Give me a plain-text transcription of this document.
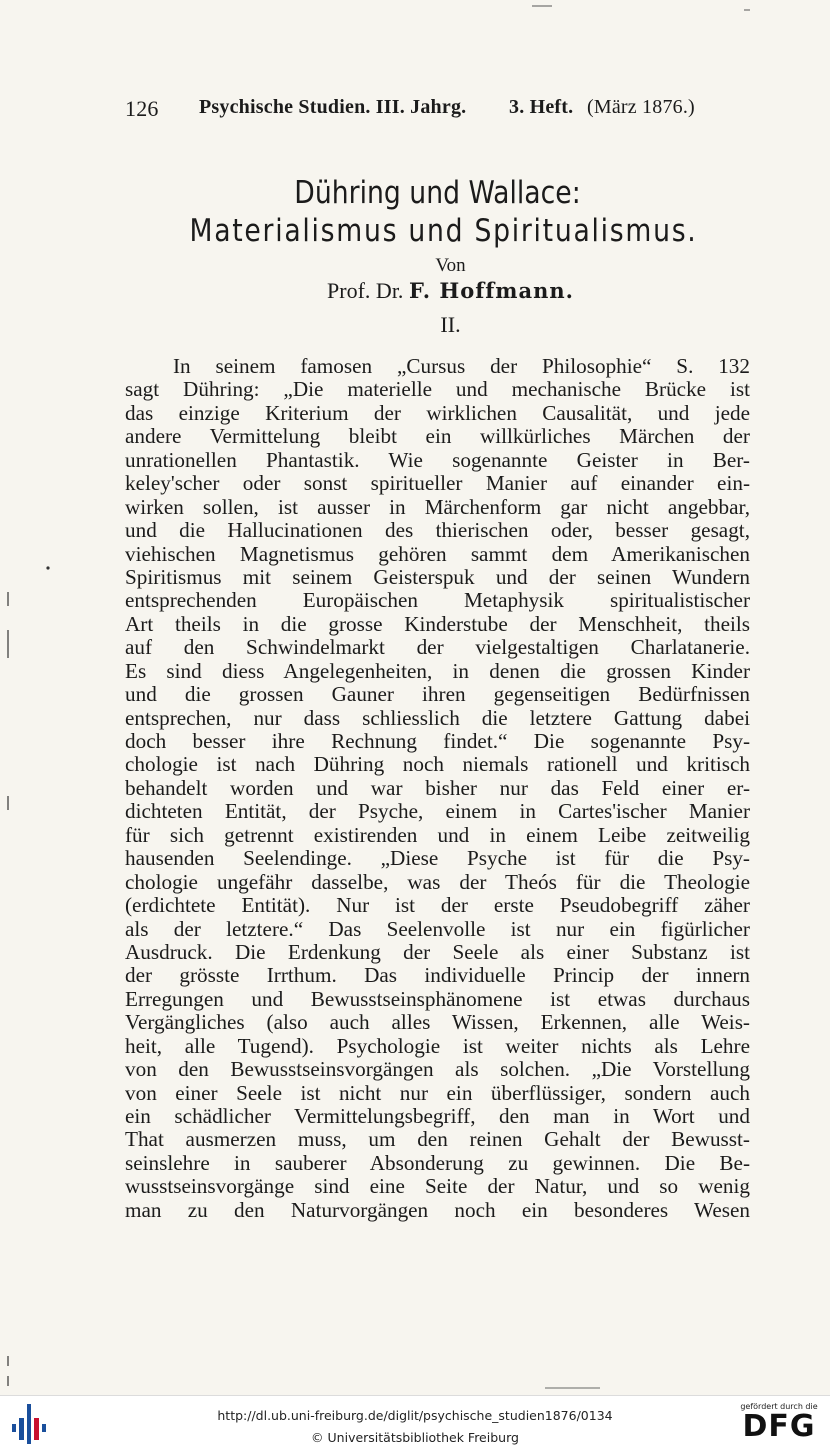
126 Psychische Studien. III. Jahrg. 3. Heft. (März 1876.)
Dühring und Wallace:
Materialismus und Spiritualismus.
Von
Prof. Dr. F. Hoffmann.
II.
In seinem famosen „Cursus der Philosophie“ S. 132
sagt Dühring: „Die materielle und mechanische Brücke ist
das einzige Kriterium der wirklichen Causalität, und jede
andere Vermittelung bleibt ein willkürliches Märchen der
unrationellen Phantastik. Wie sogenannte Geister in Ber-
keley'scher oder sonst spiritueller Manier auf einander ein-
wirken sollen, ist ausser in Märchenform gar nicht angebbar,
und die Hallucinationen des thierischen oder, besser gesagt,
viehischen Magnetismus gehören sammt dem Amerikanischen
Spiritismus mit seinem Geisterspuk und der seinen Wundern
entsprechenden Europäischen Metaphysik spiritualistischer
Art theils in die grosse Kinderstube der Menschheit, theils
auf den Schwindelmarkt der vielgestaltigen Charlatanerie.
Es sind diess Angelegenheiten, in denen die grossen Kinder
und die grossen Gauner ihren gegenseitigen Bedürfnissen
entsprechen, nur dass schliesslich die letztere Gattung dabei
doch besser ihre Rechnung findet.“ Die sogenannte Psy-
chologie ist nach Dühring noch niemals rationell und kritisch
behandelt worden und war bisher nur das Feld einer er-
dichteten Entität, der Psyche, einem in Cartes'ischer Manier
für sich getrennt existirenden und in einem Leibe zeitweilig
hausenden Seelendinge. „Diese Psyche ist für die Psy-
chologie ungefähr dasselbe, was der Theós für die Theologie
(erdichtete Entität). Nur ist der erste Pseudobegriff zäher
als der letztere.“ Das Seelenvolle ist nur ein figürlicher
Ausdruck. Die Erdenkung der Seele als einer Substanz ist
der grösste Irrthum. Das individuelle Princip der innern
Erregungen und Bewusstseinsphänomene ist etwas durchaus
Vergängliches (also auch alles Wissen, Erkennen, alle Weis-
heit, alle Tugend). Psychologie ist weiter nichts als Lehre
von den Bewusstseinsvorgängen als solchen. „Die Vorstellung
von einer Seele ist nicht nur ein überflüssiger, sondern auch
ein schädlicher Vermittelungsbegriff, den man in Wort und
That ausmerzen muss, um den reinen Gehalt der Bewusst-
seinslehre in sauberer Absonderung zu gewinnen. Die Be-
wusstseinsvorgänge sind eine Seite der Natur, und so wenig
man zu den Naturvorgängen noch ein besonderes Wesen
http://dl.ub.uni-freiburg.de/diglit/psychische_studien1876/0134
© Universitätsbibliothek Freiburg
gefördert durch die
DFG
